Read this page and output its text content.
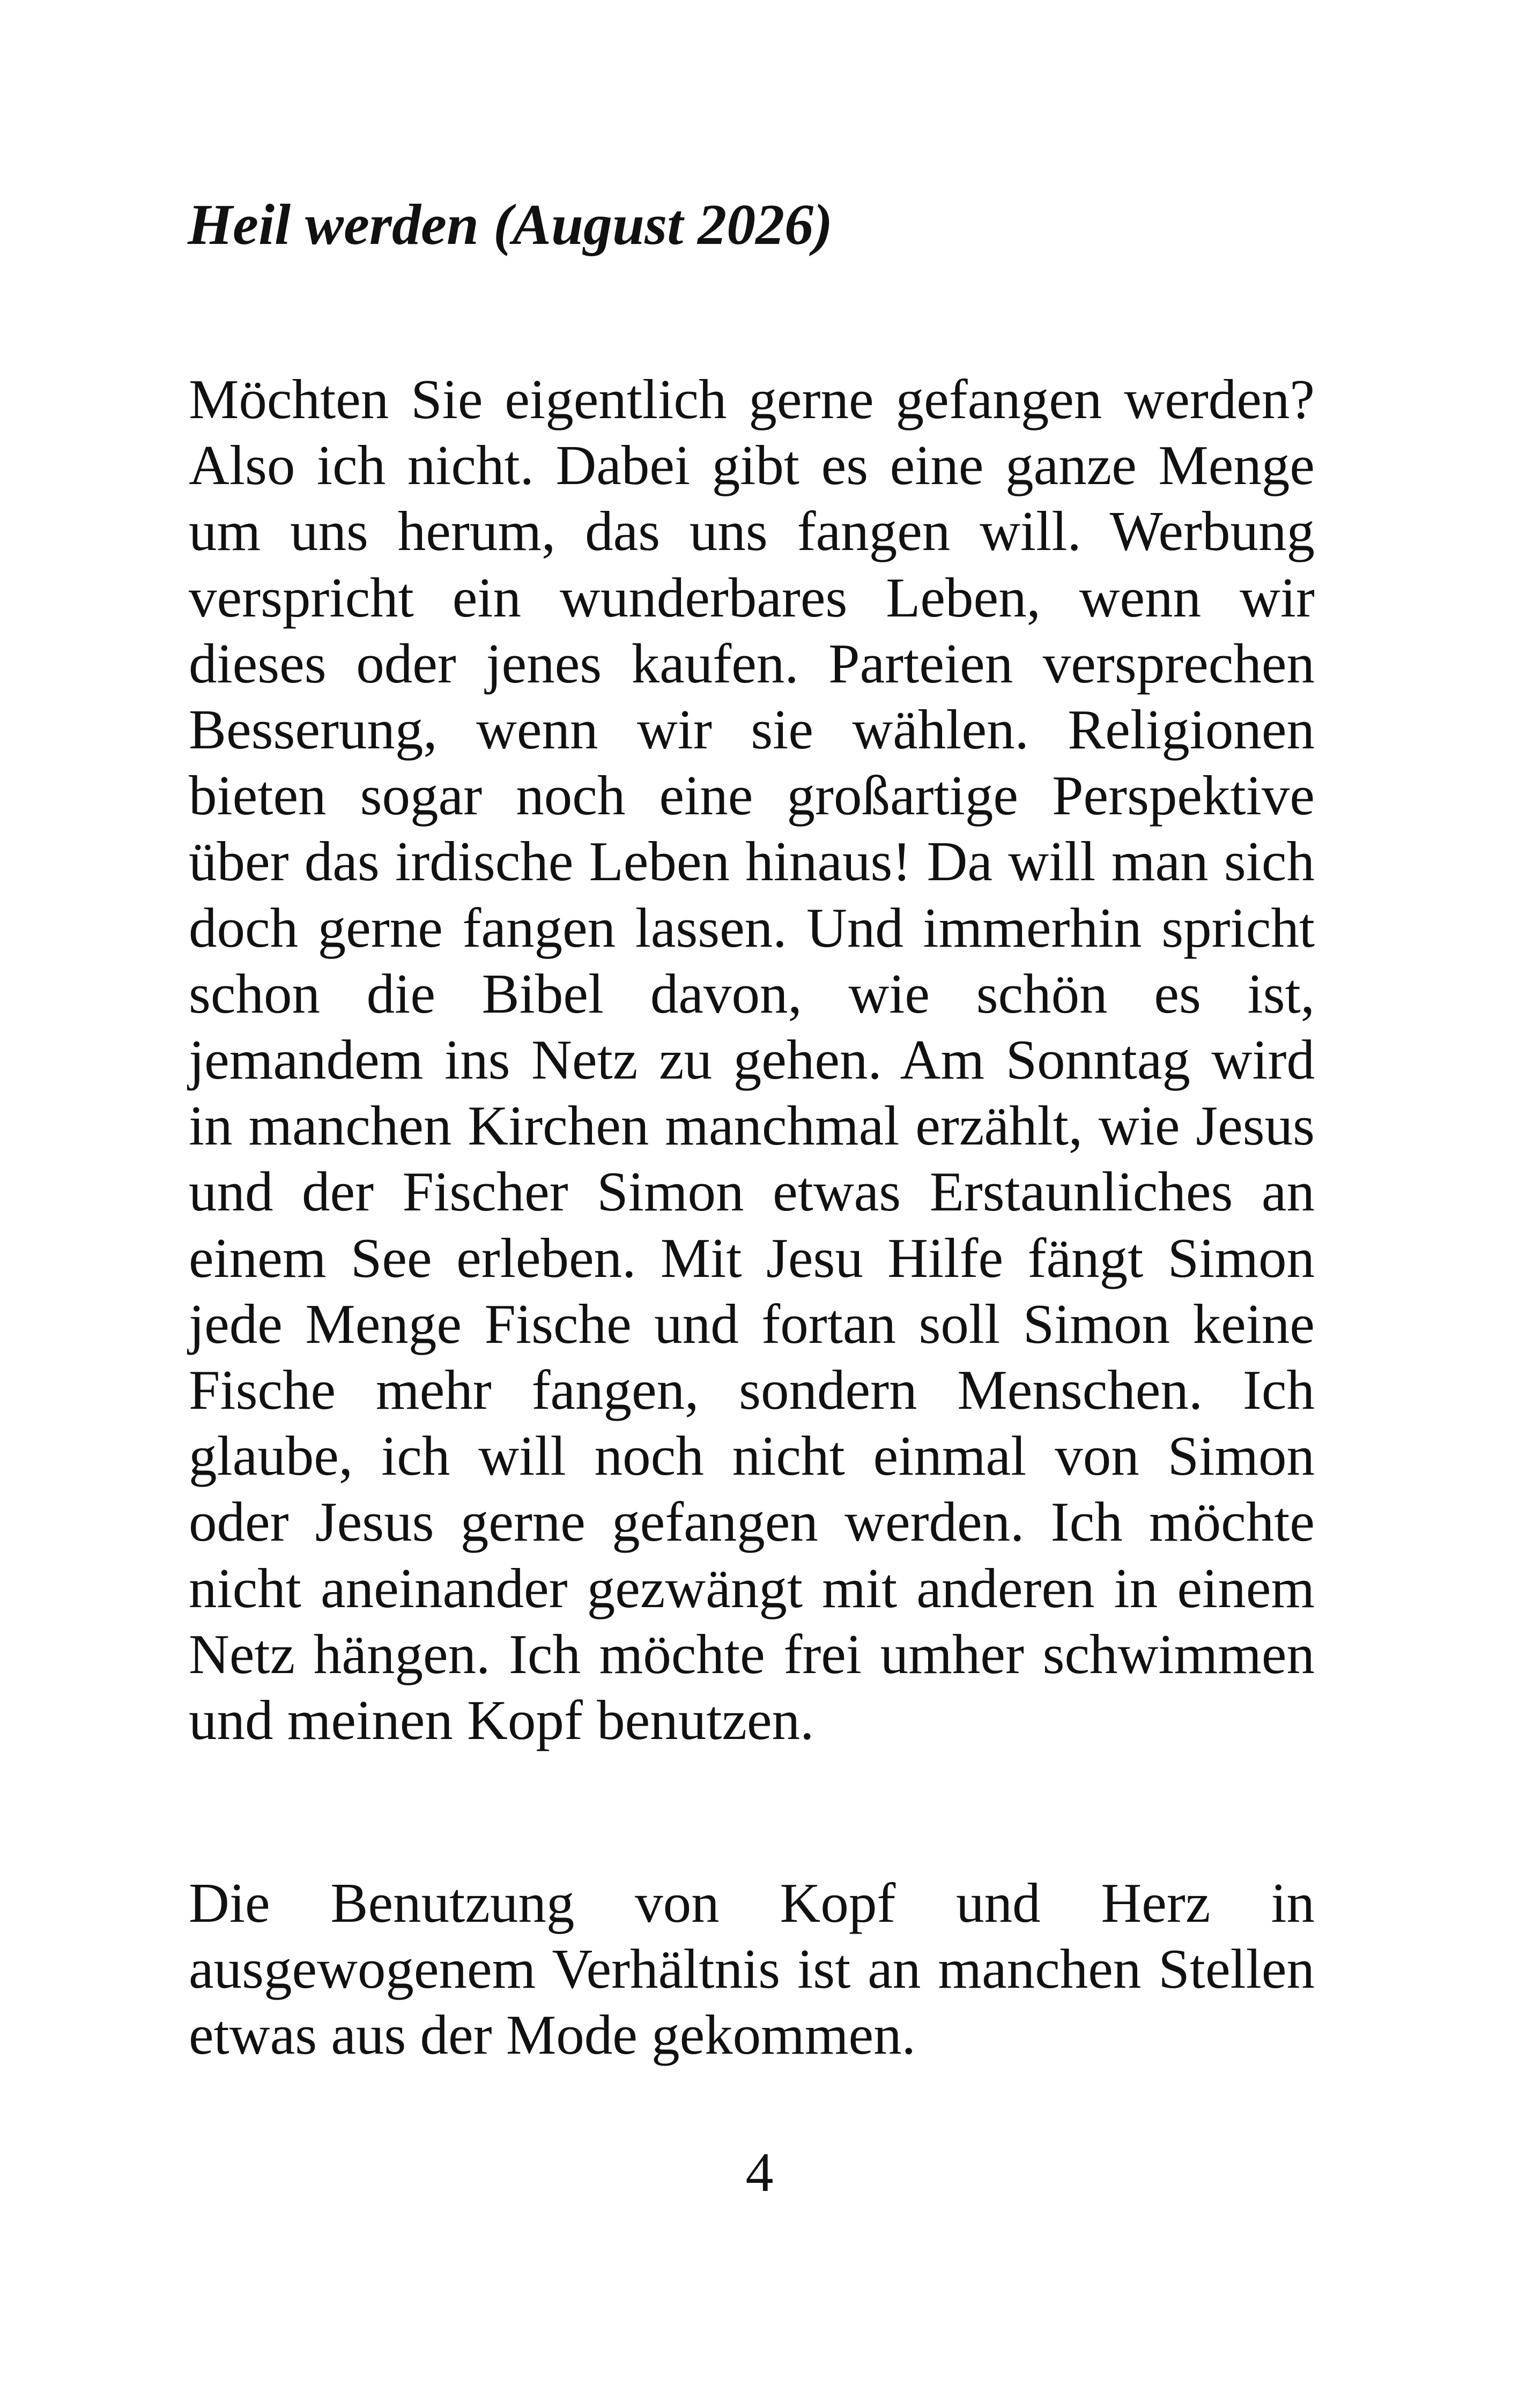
Heil werden (August 2026)

Möchten Sie eigentlich gerne gefangen werden? Also ich nicht. Dabei gibt es eine ganze Menge um uns herum, das uns fangen will. Werbung verspricht ein wunderbares Leben, wenn wir dieses oder jenes kaufen. Parteien versprechen Besserung, wenn wir sie wählen. Religionen bieten sogar noch eine großartige Perspektive über das irdische Leben hinaus! Da will man sich doch gerne fangen lassen. Und immerhin spricht schon die Bibel davon, wie schön es ist, jemandem ins Netz zu gehen. Am Sonntag wird in manchen Kirchen manchmal erzählt, wie Jesus und der Fischer Simon etwas Erstaunliches an einem See erleben. Mit Jesu Hilfe fängt Simon jede Menge Fische und fortan soll Simon keine Fische mehr fangen, sondern Menschen. Ich glaube, ich will noch nicht einmal von Simon oder Jesus gerne gefangen werden. Ich möchte nicht aneinander gezwängt mit anderen in einem Netz hängen. Ich möchte frei umher schwimmen und meinen Kopf benutzen.

Die Benutzung von Kopf und Herz in ausgewogenem Verhältnis ist an manchen Stellen etwas aus der Mode gekommen.

4
